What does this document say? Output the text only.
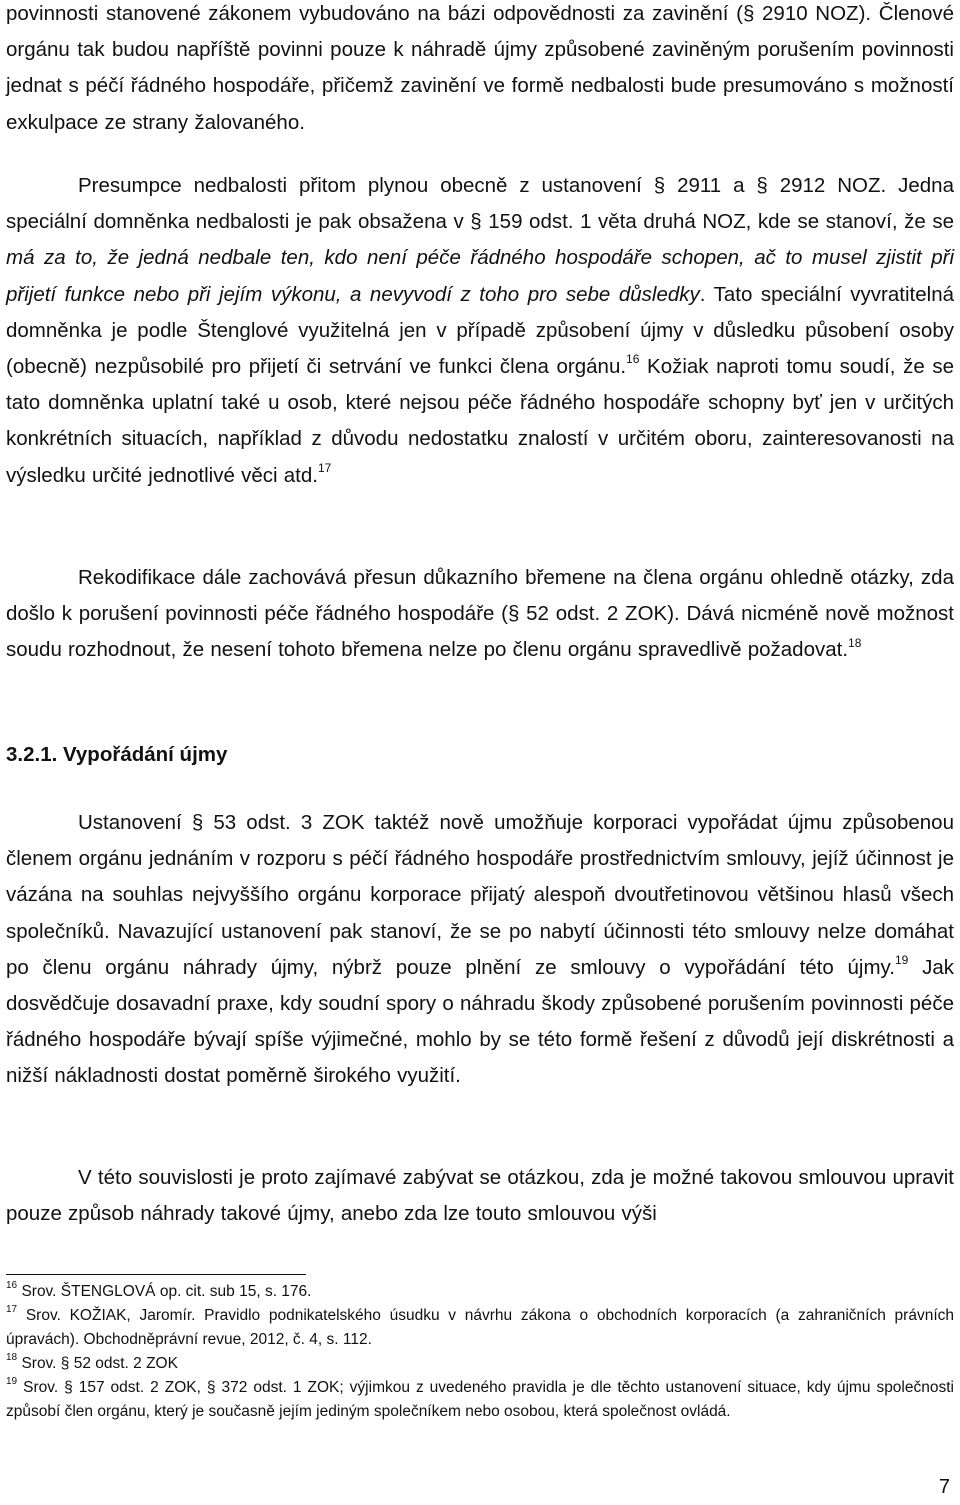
povinnosti stanovené zákonem vybudováno na bázi odpovědnosti za zavinění (§ 2910 NOZ). Členové orgánu tak budou napříště povinni pouze k náhradě újmy způsobené zaviněným porušením povinnosti jednat s péčí řádného hospodáře, přičemž zavinění ve formě nedbalosti bude presumováno s možností exkulpace ze strany žalovaného.

Presumpce nedbalosti přitom plynou obecně z ustanovení § 2911 a § 2912 NOZ. Jedna speciální domněnka nedbalosti je pak obsažena v § 159 odst. 1 věta druhá NOZ, kde se stanoví, že se má za to, že jedná nedbale ten, kdo není péče řádného hospodáře schopen, ač to musel zjistit při přijetí funkce nebo při jejím výkonu, a nevyvodí z toho pro sebe důsledky. Tato speciální vyvratitelná domněnka je podle Štenglové využitelná jen v případě způsobení újmy v důsledku působení osoby (obecně) nezpůsobilé pro přijetí či setrvání ve funkci člena orgánu.$^{16}$ Kožiak naproti tomu soudí, že se tato domněnka uplatní také u osob, které nejsou péče řádného hospodáře schopny byť jen v určitých konkrétních situacích, například z důvodu nedostatku znalostí v určitém oboru, zainteresovanosti na výsledku určité jednotlivé věci atd.$^{17}$

Rekodifikace dále zachovává přesun důkazního břemene na člena orgánu ohledně otázky, zda došlo k porušení povinnosti péče řádného hospodáře (§ 52 odst. 2 ZOK). Dává nicméně nově možnost soudu rozhodnout, že nesení tohoto břemena nelze po členu orgánu spravedlivě požadovat.$^{18}$

3.2.1. Vypořádání újmy

Ustanovení § 53 odst. 3 ZOK taktéž nově umožňuje korporaci vypořádat újmu způsobenou členem orgánu jednáním v rozporu s péčí řádného hospodáře prostřednictvím smlouvy, jejíž účinnost je vázána na souhlas nejvyššího orgánu korporace přijatý alespoň dvoutřetinovou většinou hlasů všech společníků. Navazující ustanovení pak stanoví, že se po nabytí účinnosti této smlouvy nelze domáhat po členu orgánu náhrady újmy, nýbrž pouze plnění ze smlouvy o vypořádání této újmy.$^{19}$ Jak dosvědčuje dosavadní praxe, kdy soudní spory o náhradu škody způsobené porušením povinnosti péče řádného hospodáře bývají spíše výjimečné, mohlo by se této formě řešení z důvodů její diskrétnosti a nižší nákladnosti dostat poměrně širokého využití.

V této souvislosti je proto zajímavé zabývat se otázkou, zda je možné takovou smlouvou upravit pouze způsob náhrady takové újmy, anebo zda lze touto smlouvou výši

$^{16}$ Srov. ŠTENGLOVÁ op. cit. sub 15, s. 176.

$^{17}$ Srov. KOŽIAK, Jaromír. Pravidlo podnikatelského úsudku v návrhu zákona o obchodních korporacích (a zahraničních právních úpravách). Obchodněprávní revue, 2012, č. 4, s. 112.

$^{18}$ Srov. § 52 odst. 2 ZOK

$^{19}$ Srov. § 157 odst. 2 ZOK, § 372 odst. 1 ZOK; výjimkou z uvedeného pravidla je dle těchto ustanovení situace, kdy újmu společnosti způsobí člen orgánu, který je současně jejím jediným společníkem nebo osobou, která společnost ovládá.

7
